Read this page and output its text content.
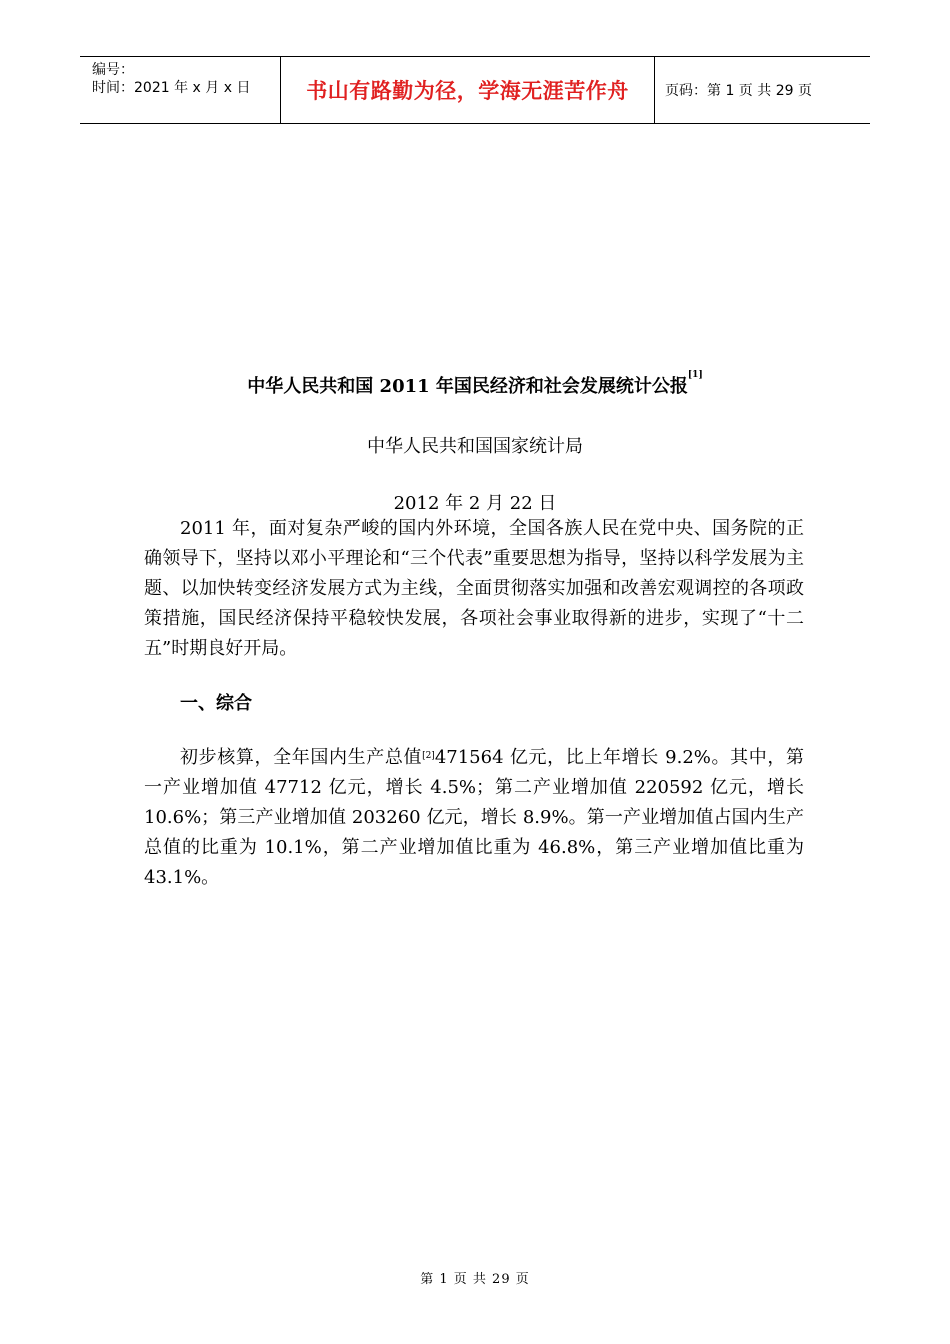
编号：
时间：2021 年 x 月 x 日	书山有路勤为径，学海无涯苦作舟	页码：第 1 页 共 29 页
中华人民共和国 2011 年国民经济和社会发展统计公报[1]
中华人民共和国国家统计局
2012 年 2 月 22 日

2011 年，面对复杂严峻的国内外环境，全国各族人民在党中央、国务院的正确领导下，坚持以邓小平理论和“三个代表”重要思想为指导，坚持以科学发展为主题、以加快转变经济发展方式为主线，全面贯彻落实加强和改善宏观调控的各项政策措施，国民经济保持平稳较快发展，各项社会事业取得新的进步，实现了“十二五”时期良好开局。

一、综合

初步核算，全年国内生产总值[2]471564 亿元，比上年增长 9.2%。其中，第一产业增加值 47712 亿元，增长 4.5%；第二产业增加值 220592 亿元，增长 10.6%；第三产业增加值 203260 亿元，增长 8.9%。第一产业增加值占国内生产总值的比重为 10.1%，第二产业增加值比重为 46.8%，第三产业增加值比重为 43.1%。

第 1 页 共 29 页
